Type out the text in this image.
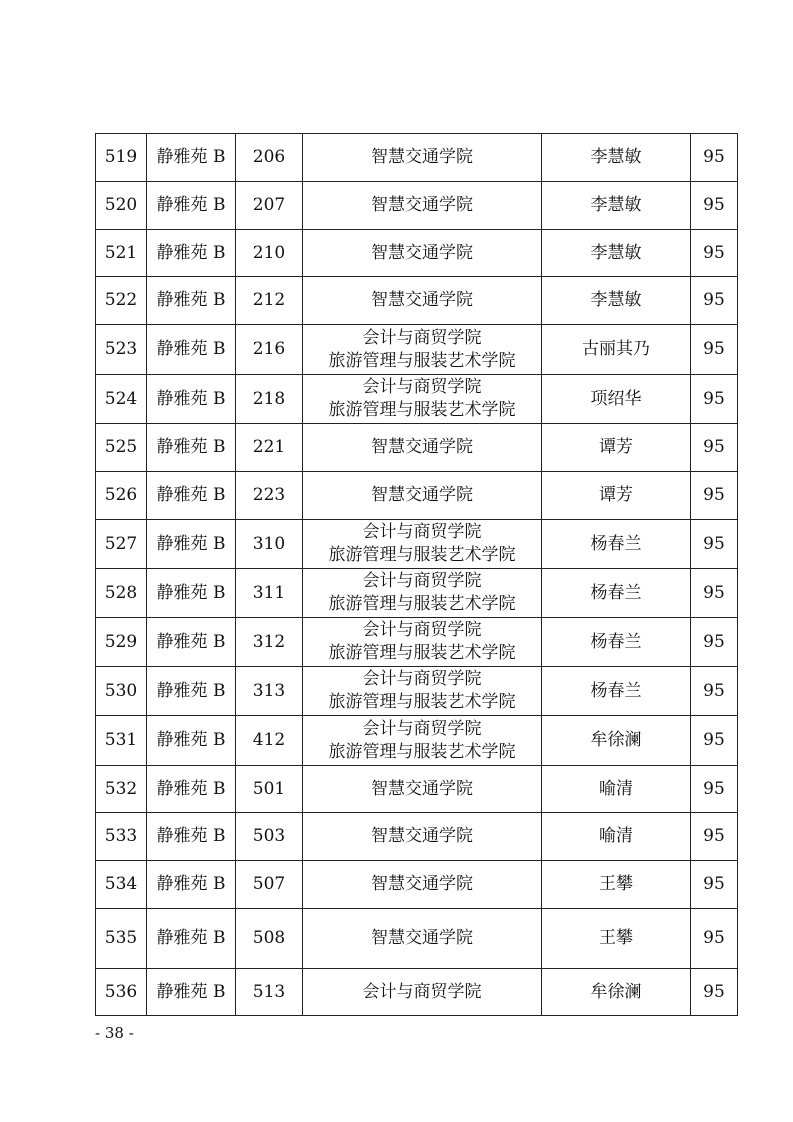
519	静雅苑 B	206	智慧交通学院	李慧敏	95
520	静雅苑 B	207	智慧交通学院	李慧敏	95
521	静雅苑 B	210	智慧交通学院	李慧敏	95
522	静雅苑 B	212	智慧交通学院	李慧敏	95
523	静雅苑 B	216	会计与商贸学院
旅游管理与服装艺术学院	古丽其乃	95
524	静雅苑 B	218	会计与商贸学院
旅游管理与服装艺术学院	项绍华	95
525	静雅苑 B	221	智慧交通学院	谭芳	95
526	静雅苑 B	223	智慧交通学院	谭芳	95
527	静雅苑 B	310	会计与商贸学院
旅游管理与服装艺术学院	杨春兰	95
528	静雅苑 B	311	会计与商贸学院
旅游管理与服装艺术学院	杨春兰	95
529	静雅苑 B	312	会计与商贸学院
旅游管理与服装艺术学院	杨春兰	95
530	静雅苑 B	313	会计与商贸学院
旅游管理与服装艺术学院	杨春兰	95
531	静雅苑 B	412	会计与商贸学院
旅游管理与服装艺术学院	牟徐澜	95
532	静雅苑 B	501	智慧交通学院	喻清	95
533	静雅苑 B	503	智慧交通学院	喻清	95
534	静雅苑 B	507	智慧交通学院	王攀	95
535	静雅苑 B	508	智慧交通学院	王攀	95
536	静雅苑 B	513	会计与商贸学院	牟徐澜	95
- 38 -
